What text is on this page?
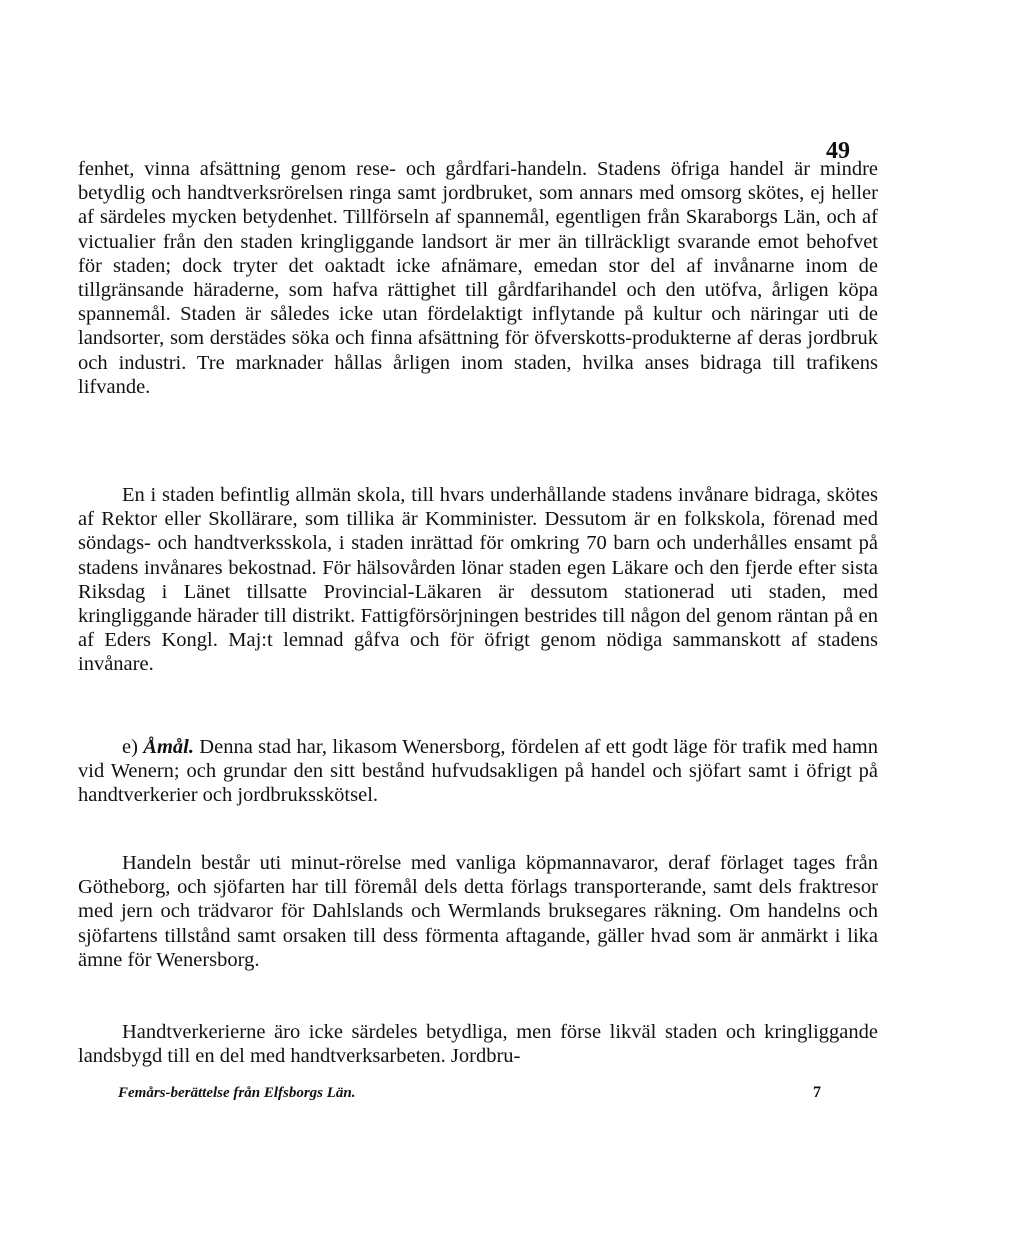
49

fenhet, vinna afsättning genom rese- och gårdfari-handeln. Stadens öfriga handel är mindre betydlig och handtverksrörelsen ringa samt jordbruket, som annars med omsorg skötes, ej heller af särdeles mycken betydenhet. Tillförseln af spannemål, egentligen från Skaraborgs Län, och af victualier från den staden kringliggande landsort är mer än tillräckligt svarande emot behofvet för staden; dock tryter det oaktadt icke afnämare, emedan stor del af invånarne inom de tillgränsande häraderne, som hafva rättighet till gårdfarihandel och den utöfva, årligen köpa spannemål. Staden är således icke utan fördelaktigt inflytande på kultur och näringar uti de landsorter, som derstädes söka och finna afsättning för öfverskotts-produkterne af deras jordbruk och industri. Tre marknader hållas årligen inom staden, hvilka anses bidraga till trafikens lifvande.

En i staden befintlig allmän skola, till hvars underhållande stadens invånare bidraga, skötes af Rektor eller Skollärare, som tillika är Komminister. Dessutom är en folkskola, förenad med söndags- och handtverksskola, i staden inrättad för omkring 70 barn och underhålles ensamt på stadens invånares bekostnad. För hälsovården lönar staden egen Läkare och den fjerde efter sista Riksdag i Länet tillsatte Provincial-Läkaren är dessutom stationerad uti staden, med kringliggande härader till distrikt. Fattigförsörjningen bestrides till någon del genom räntan på en af Eders Kongl. Maj:t lemnad gåfva och för öfrigt genom nödiga sammanskott af stadens invånare.

e) Åmål. Denna stad har, likasom Wenersborg, fördelen af ett godt läge för trafik med hamn vid Wenern; och grundar den sitt bestånd hufvudsakligen på handel och sjöfart samt i öfrigt på handtverkerier och jordbruksskötsel.

Handeln består uti minut-rörelse med vanliga köpmannavaror, deraf förlaget tages från Götheborg, och sjöfarten har till föremål dels detta förlags transporterande, samt dels fraktresor med jern och trädvaror för Dahlslands och Wermlands bruksegares räkning. Om handelns och sjöfartens tillstånd samt orsaken till dess förmenta aftagande, gäller hvad som är anmärkt i lika ämne för Wenersborg.

Handtverkerierne äro icke särdeles betydliga, men förse likväl staden och kringliggande landsbygd till en del med handtverksarbeten. Jordbru-

Femårs-berättelse från Elfsborgs Län.	7
